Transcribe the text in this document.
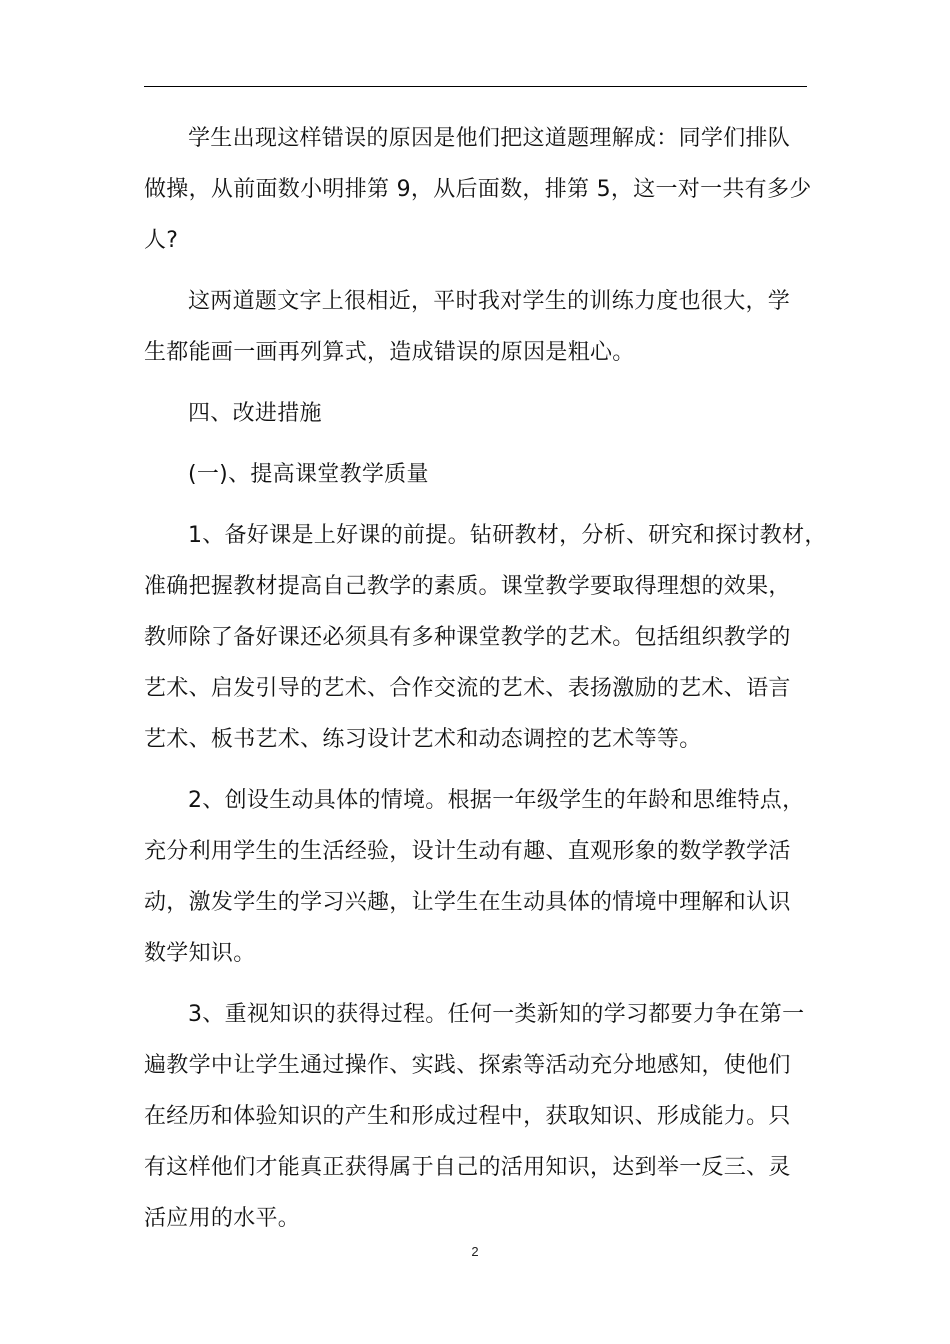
学生出现这样错误的原因是他们把这道题理解成：同学们排队
做操，从前面数小明排第 9，从后面数，排第 5，这一对一共有多少
人?
这两道题文字上很相近，平时我对学生的训练力度也很大，学
生都能画一画再列算式，造成错误的原因是粗心。
四、改进措施
(一)、提高课堂教学质量
1、备好课是上好课的前提。钻研教材，分析、研究和探讨教材，
准确把握教材提高自己教学的素质。课堂教学要取得理想的效果，
教师除了备好课还必须具有多种课堂教学的艺术。包括组织教学的
艺术、启发引导的艺术、合作交流的艺术、表扬激励的艺术、语言
艺术、板书艺术、练习设计艺术和动态调控的艺术等等。
2、创设生动具体的情境。根据一年级学生的年龄和思维特点，
充分利用学生的生活经验，设计生动有趣、直观形象的数学教学活
动，激发学生的学习兴趣，让学生在生动具体的情境中理解和认识
数学知识。
3、重视知识的获得过程。任何一类新知的学习都要力争在第一
遍教学中让学生通过操作、实践、探索等活动充分地感知，使他们
在经历和体验知识的产生和形成过程中，获取知识、形成能力。只
有这样他们才能真正获得属于自己的活用知识，达到举一反三、灵
活应用的水平。
2
